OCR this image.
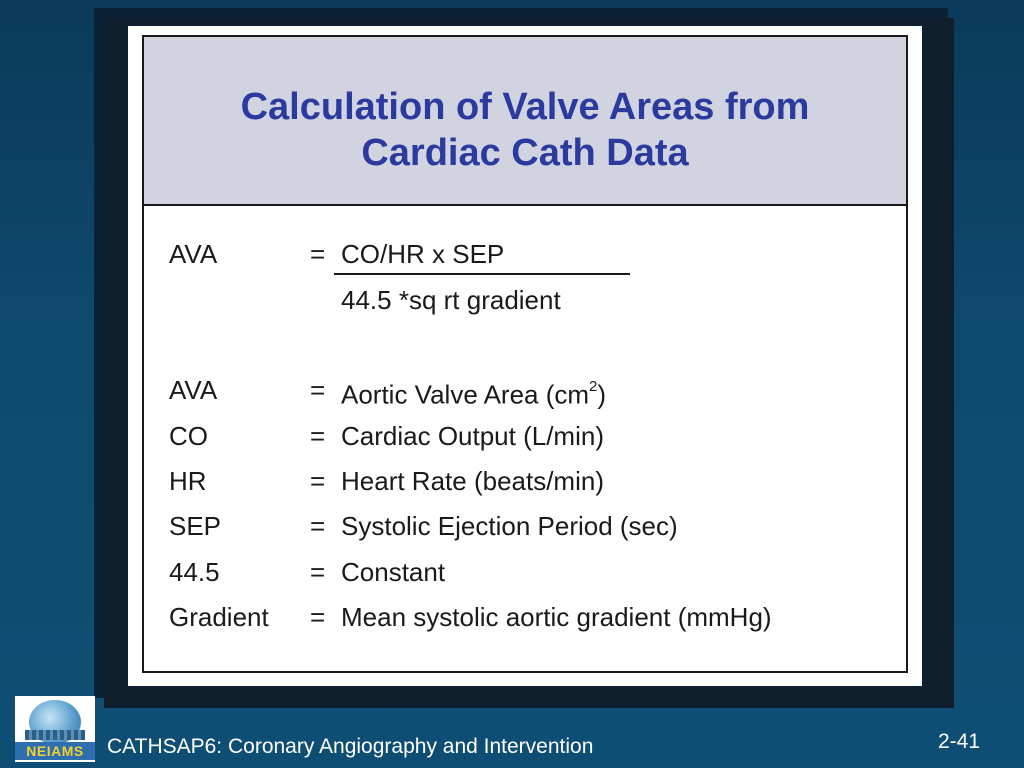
Calculation of Valve Areas from
Cardiac Cath Data
AVA	= CO/HR x SEP
44.5 *sq rt gradient
AVA	= Aortic Valve Area $(cm^2)$
CO	= Cardiac Output (L/min)
HR	= Heart Rate (beats/min)
SEP	= Systolic Ejection Period (sec)
44.5	= Constant
Gradient = Mean systolic aortic gradient (mmHg)
NEIAMS	CATHSAP6: Coronary Angiography and Intervention	2-41
